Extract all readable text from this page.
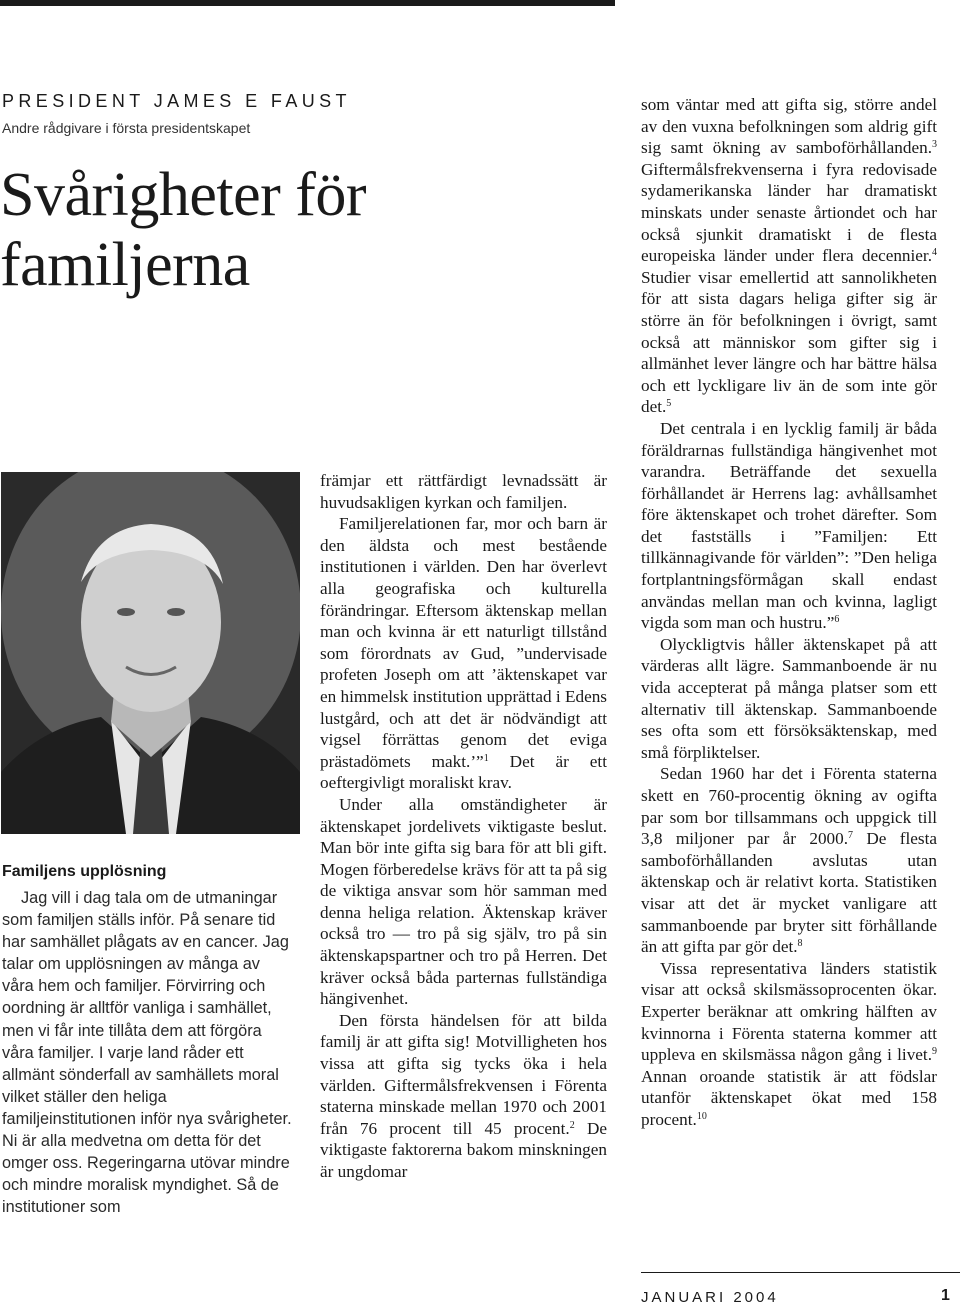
PRESIDENT JAMES E FAUST
Andre rådgivare i första presidentskapet
Svårigheter för
familjerna
Familjens upplösning

Jag vill i dag tala om de utmaningar som familjen ställs inför. På senare tid har samhället plågats av en cancer. Jag talar om upplösningen av många av våra hem och familjer. Förvirring och oordning är alltför vanliga i samhället, men vi får inte tillåta dem att förgöra våra familjer. I varje land råder ett allmänt sönderfall av samhällets moral vilket ställer den heliga familjeinstitutionen inför nya svårigheter. Ni är alla medvetna om detta för det omger oss. Regeringarna utövar mindre och mindre moralisk myndighet. Så de institutioner som

främjar ett rättfärdigt levnadssätt är huvudsakligen kyrkan och familjen.

Familjerelationen far, mor och barn är den äldsta och mest bestående institutionen i världen. Den har överlevt alla geografiska och kulturella förändringar. Eftersom äktenskap mellan man och kvinna är ett naturligt tillstånd som förordnats av Gud, ”undervisade profeten Joseph om att ’äktenskapet var en himmelsk institution upprättad i Edens lustgård, och att det är nödvändigt att vigsel förrättas genom det eviga prästadömets makt.’”$^1$ Det är ett oeftergivligt moraliskt krav.

Under alla omständigheter är äktenskapet jordelivets viktigaste beslut. Man bör inte gifta sig bara för att bli gift. Mogen förberedelse krävs för att ta på sig de viktiga ansvar som hör samman med denna heliga relation. Äktenskap kräver också tro — tro på sig själv, tro på sin äktenskapspartner och tro på Herren. Det kräver också båda parternas fullständiga hängivenhet.

Den första händelsen för att bilda familj är att gifta sig! Motvilligheten hos vissa att gifta sig tycks öka i hela världen. Giftermålsfrekvensen i Förenta staterna minskade mellan 1970 och 2001 från 76 procent till 45 procent.$^2$ De viktigaste faktorerna bakom minskningen är ungdomar

som väntar med att gifta sig, större andel av den vuxna befolkningen som aldrig gift sig samt ökning av samboförhållanden.$^3$ Giftermålsfrekvenserna i fyra redovisade sydamerikanska länder har dramatiskt minskats under senaste årtiondet och har också sjunkit dramatiskt i de flesta europeiska länder under flera decennier.$^4$ Studier visar emellertid att sannolikheten för att sista dagars heliga gifter sig är större än för befolkningen i övrigt, samt också att människor som gifter sig i allmänhet lever längre och har bättre hälsa och ett lyckligare liv än de som inte gör det.$^5$

Det centrala i en lycklig familj är båda föräldrarnas fullständiga hängivenhet mot varandra. Beträffande det sexuella förhållandet är Herrens lag: avhållsamhet före äktenskapet och trohet därefter. Som det fastställs i ”Familjen: Ett tillkännagivande för världen”: ”Den heliga fortplantningsförmågan skall endast användas mellan man och kvinna, lagligt vigda som man och hustru.”$^6$

Olyckligtvis håller äktenskapet på att värderas allt lägre. Sammanboende är nu vida accepterat på många platser som ett alternativ till äktenskap. Sammanboende ses ofta som ett försöksäktenskap, med små förpliktelser.

Sedan 1960 har det i Förenta staterna skett en 760-procentig ökning av ogifta par som bor tillsammans och uppgick till 3,8 miljoner par år 2000.$^7$ De flesta samboförhållanden avslutas utan äktenskap och är relativt korta. Statistiken visar att det är mycket vanligare att sammanboende par bryter sitt förhållande än att gifta par gör det.$^8$

Vissa representativa länders statistik visar att också skilsmässoprocenten ökar. Experter beräknar att omkring hälften av kvinnorna i Förenta staterna kommer att uppleva en skilsmässa någon gång i livet.$^9$ Annan oroande statistik är att födslar utanför äktenskapet ökat med 158 procent.$^{10}$

JANUARI 2004	1
